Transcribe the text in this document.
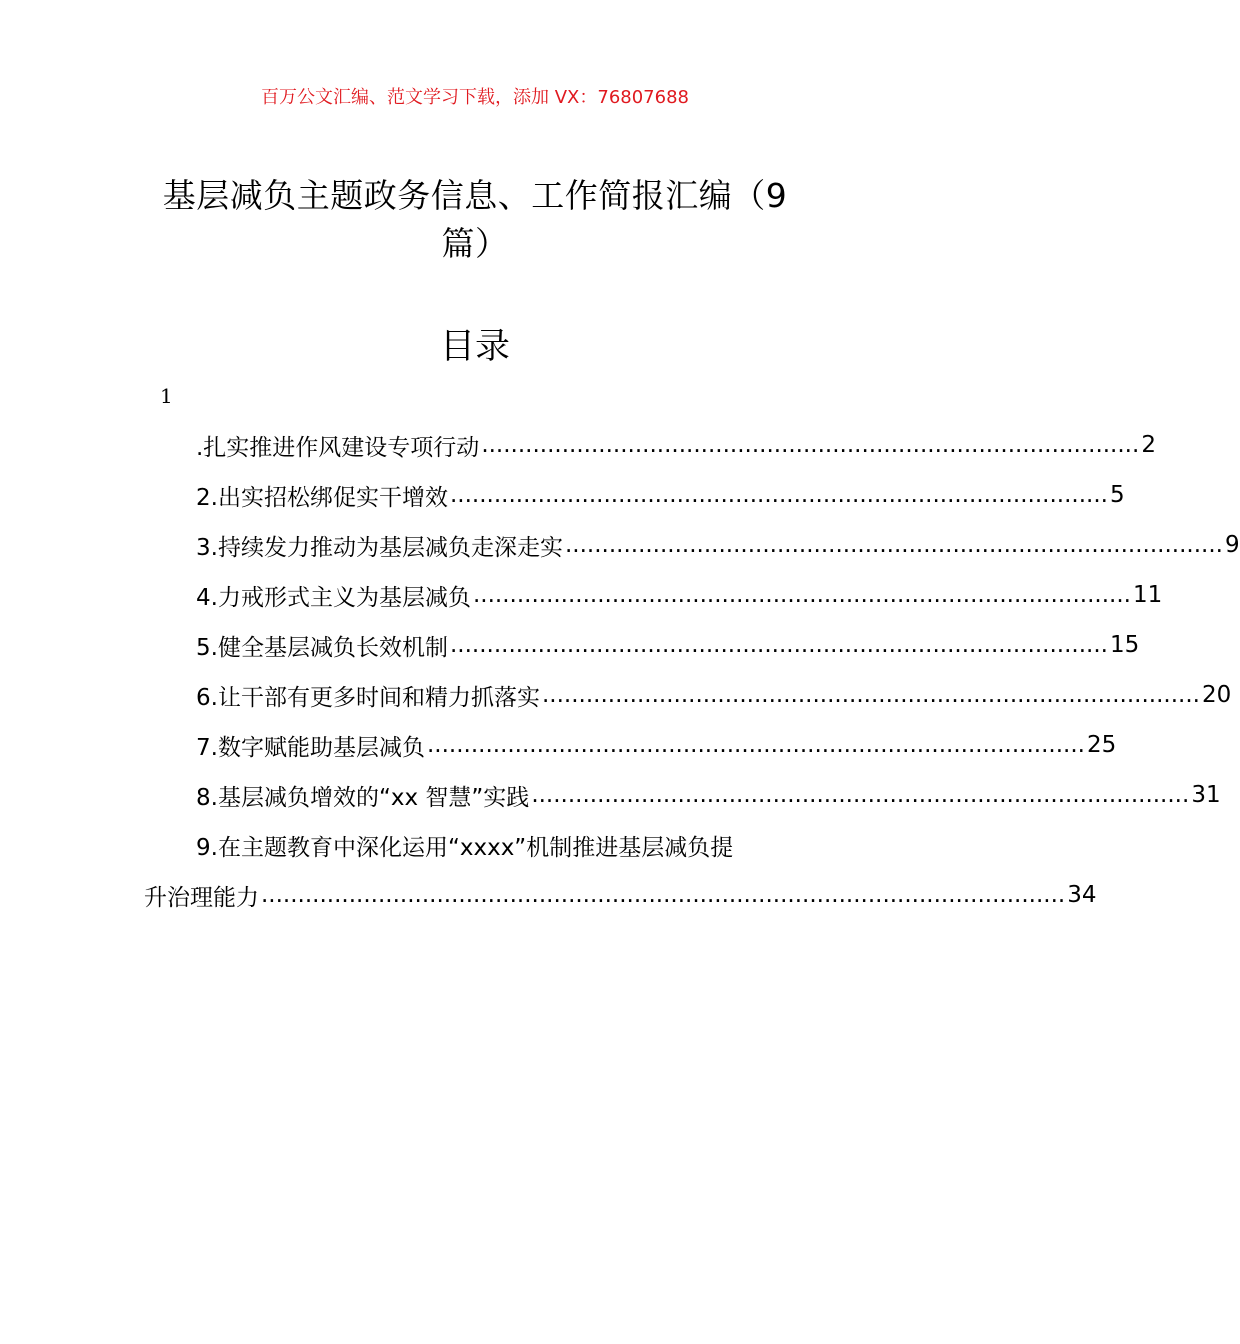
百万公文汇编、范文学习下载，添加 VX：76807688
基层减负主题政务信息、工作简报汇编（9 篇）
目录
1
.扎实推进作风建设专项行动 .......................................................................................... 2
2.出实招松绑促实干增效 .......................................................................................... 5
3.持续发力推动为基层减负走深走实 .......................................................................................... 9
4.力戒形式主义为基层减负 .......................................................................................... 11
5.健全基层减负长效机制 .......................................................................................... 15
6.让干部有更多时间和精力抓落实 .......................................................................................... 20
7.数字赋能助基层减负 .......................................................................................... 25
8.基层减负增效的“xx 智慧”实践 .......................................................................................... 31
9.在主题教育中深化运用“xxxx”机制推进基层减负提
升治理能力 .............................................................................................................. 34
